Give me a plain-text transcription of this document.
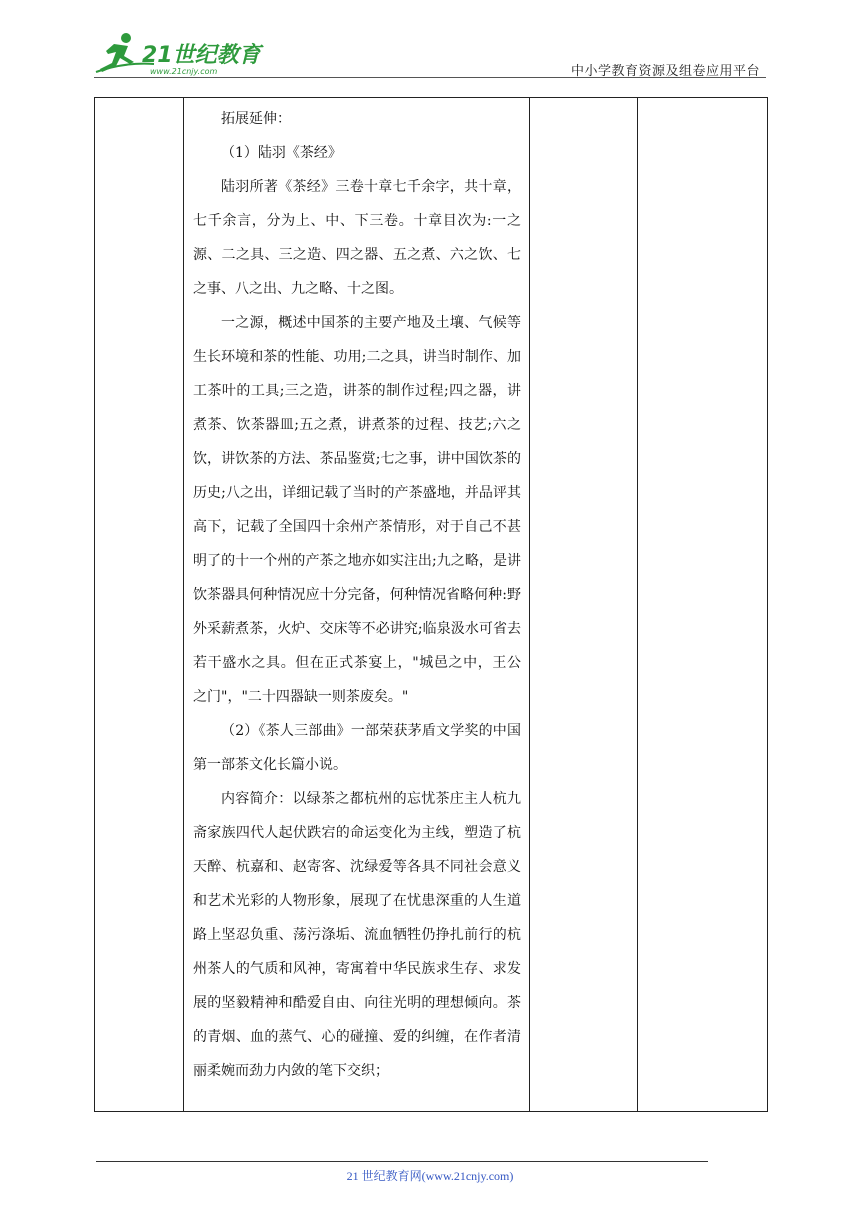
21世纪教育
www.21cnjy.com	中小学教育资源及组卷应用平台

拓展延伸：

（1）陆羽《茶经》

陆羽所著《茶经》三卷十章七千余字，共十章，七千余言，分为上、中、下三卷。十章目次为:一之源、二之具、三之造、四之器、五之煮、六之饮、七之事、八之出、九之略、十之图。

一之源，概述中国茶的主要产地及土壤、气候等生长环境和茶的性能、功用;二之具，讲当时制作、加工茶叶的工具;三之造，讲茶的制作过程;四之器，讲煮茶、饮茶器皿;五之煮，讲煮茶的过程、技艺;六之饮，讲饮茶的方法、茶品鉴赏;七之事，讲中国饮茶的历史;八之出，详细记载了当时的产茶盛地，并品评其高下，记载了全国四十余州产茶情形，对于自己不甚明了的十一个州的产茶之地亦如实注出;九之略，是讲饮茶器具何种情况应十分完备，何种情况省略何种:野外采薪煮茶，火炉、交床等不必讲究;临泉汲水可省去若干盛水之具。但在正式茶宴上，"城邑之中，王公之门"，"二十四器缺一则茶废矣。"

（2）《茶人三部曲》一部荣获茅盾文学奖的中国第一部茶文化长篇小说。

内容简介：以绿茶之都杭州的忘忧茶庄主人杭九斋家族四代人起伏跌宕的命运变化为主线，塑造了杭天醉、杭嘉和、赵寄客、沈绿爱等各具不同社会意义和艺术光彩的人物形象，展现了在忧患深重的人生道路上坚忍负重、荡污涤垢、流血牺牲仍挣扎前行的杭州茶人的气质和风神，寄寓着中华民族求生存、求发展的坚毅精神和酷爱自由、向往光明的理想倾向。茶的青烟、血的蒸气、心的碰撞、爱的纠缠，在作者清丽柔婉而劲力内敛的笔下交织；

21 世纪教育网(www.21cnjy.com)
